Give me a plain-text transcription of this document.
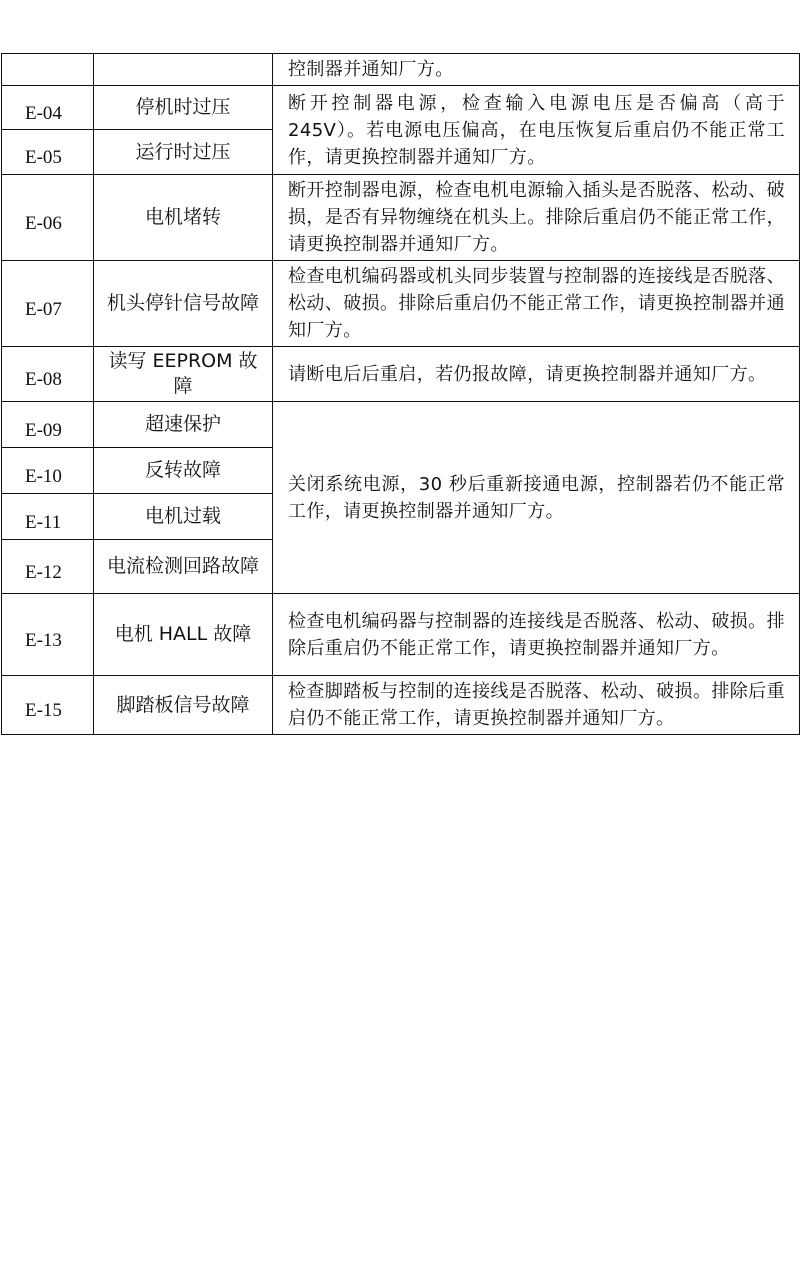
		控制器并通知厂方。
E-04	停机时过压	断开控制器电源，检查输入电源电压是否偏高（高于245V）。若电源电压偏高，在电压恢复后重启仍不能正常工作，请更换控制器并通知厂方。
E-05	运行时过压	
E-06	电机堵转	断开控制器电源，检查电机电源输入插头是否脱落、松动、破损，是否有异物缠绕在机头上。排除后重启仍不能正常工作，请更换控制器并通知厂方。
E-07	机头停针信号故障	检查电机编码器或机头同步装置与控制器的连接线是否脱落、松动、破损。排除后重启仍不能正常工作，请更换控制器并通知厂方。
E-08	读写 EEPROM 故障	请断电后后重启，若仍报故障，请更换控制器并通知厂方。
E-09	超速保护	关闭系统电源，30 秒后重新接通电源，控制器若仍不能正常工作，请更换控制器并通知厂方。
E-10	反转故障	
E-11	电机过载	
E-12	电流检测回路故障	
E-13	电机 HALL 故障	检查电机编码器与控制器的连接线是否脱落、松动、破损。排除后重启仍不能正常工作，请更换控制器并通知厂方。
E-15	脚踏板信号故障	检查脚踏板与控制的连接线是否脱落、松动、破损。排除后重启仍不能正常工作，请更换控制器并通知厂方。
